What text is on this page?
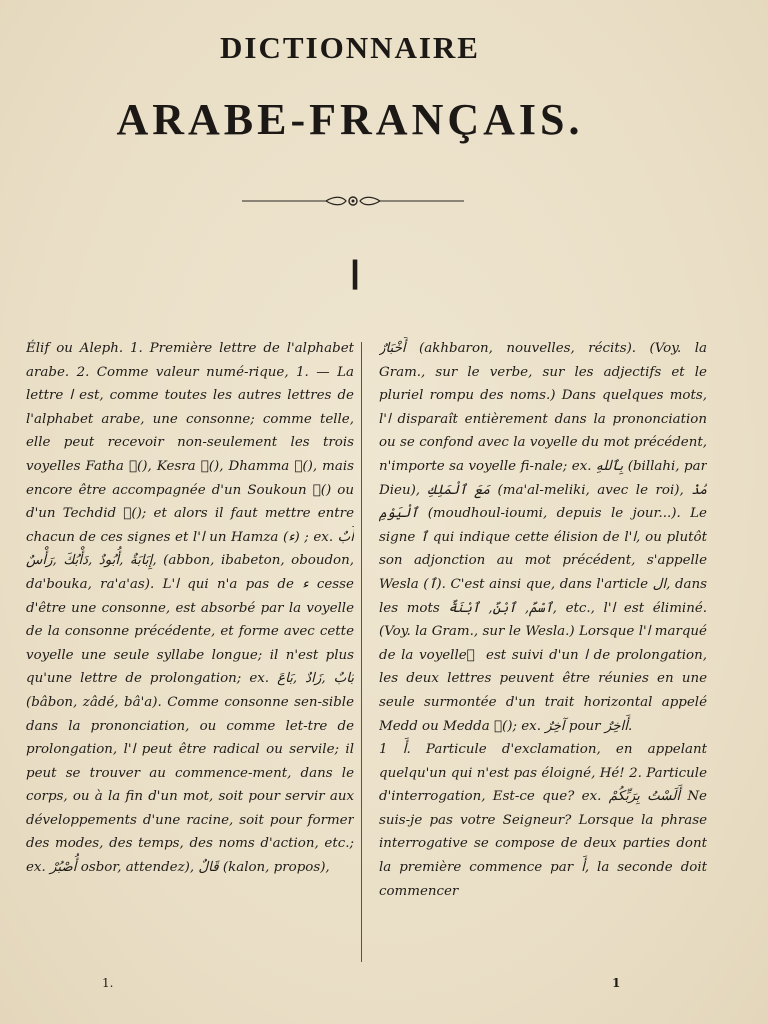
DICTIONNAIRE
ARABE-FRANÇAIS.
ا

Élif ou Aleph. 1. Première lettre de l'alphabet arabe. 2. Comme valeur numé-rique, 1. — La lettre ا est, comme toutes les autres lettres de l'alphabet arabe, une consonne; comme telle, elle peut recevoir non-seulement les trois voyelles Fatha (َ), Kesra (ِ), Dhamma (ُ), mais encore être accompagnée d'un Soukoun (ْ) ou d'un Techdid (ّ); et alors il faut mettre entre chacun de ces signes et l'ا un Hamza (ء) ; ex. أَبٌ ,إِبَابَةٌ ,أُبُودٌ ,دَأْبُكَ ,رَأْسٌ (abbon, ibabeton, oboudon, da'bouka, ra'a'as). L'ا qui n'a pas de ء cesse d'être une consonne, est absorbé par la voyelle de la consonne précédente, et forme avec cette voyelle une seule syllabe longue; il n'est plus qu'une lettre de prolongation; ex. بَابٌ ,زَادٌ ,بَاعَ (bâbon, zâdé, bâ'a). Comme consonne sen-sible dans la prononciation, ou comme let-tre de prolongation, l'ا peut être radical ou servile; il peut se trouver au commence-ment, dans le corps, ou à la fin d'un mot, soit pour servir aux développements d'une racine, soit pour former des modes, des temps, des noms d'action, etc.; ex. أُصْبُرْ osbor, attendez), قَالٌ (kalon, propos),

أَخْبَارٌ (akhbaron, nouvelles, récits). (Voy. la Gram., sur le verbe, sur les adjectifs et le pluriel rompu des noms.) Dans quelques mots, l'ا disparaît entièrement dans la prononciation ou se confond avec la voyelle du mot précédent, n'importe sa voyelle fi-nale; ex. بِٱللهِ (billahi, par Dieu), مَعَ ٱلْمَلِكِ (ma'al-meliki, avec le roi), مُذْ ٱلْيَوْمِ (moudhoul-ioumi, depuis le jour...). Le signe ٱ qui indique cette élision de l'ا, ou plutôt son adjonction au mot précédent, s'appelle Wesla (ٱ). C'est ainsi que, dans l'article ال, dans les mots ٱسْمٌ, ٱبْنٌ, ٱبْنَةٌ, etc., l'ا est éliminé. (Voy. la Gram., sur le Wesla.) Lorsque l'ا marqué de la voyelle َ est suivi d'un ا de prolongation, les deux lettres peuvent être réunies en une seule surmontée d'un trait horizontal appelé Medd ou Medda (ٓ); ex. آخِرٌ pour أَاخِرٌ.

أَ 1. Particule d'exclamation, en appelant quelqu'un qui n'est pas éloigné, Hé! 2. Particule d'interrogation, Est-ce que? ex. أَلَسْتُ بِرَبِّكُمْ Ne suis-je pas votre Seigneur? Lorsque la phrase interrogative se compose de deux parties dont la première commence par أَ, la seconde doit commencer

1.	1
